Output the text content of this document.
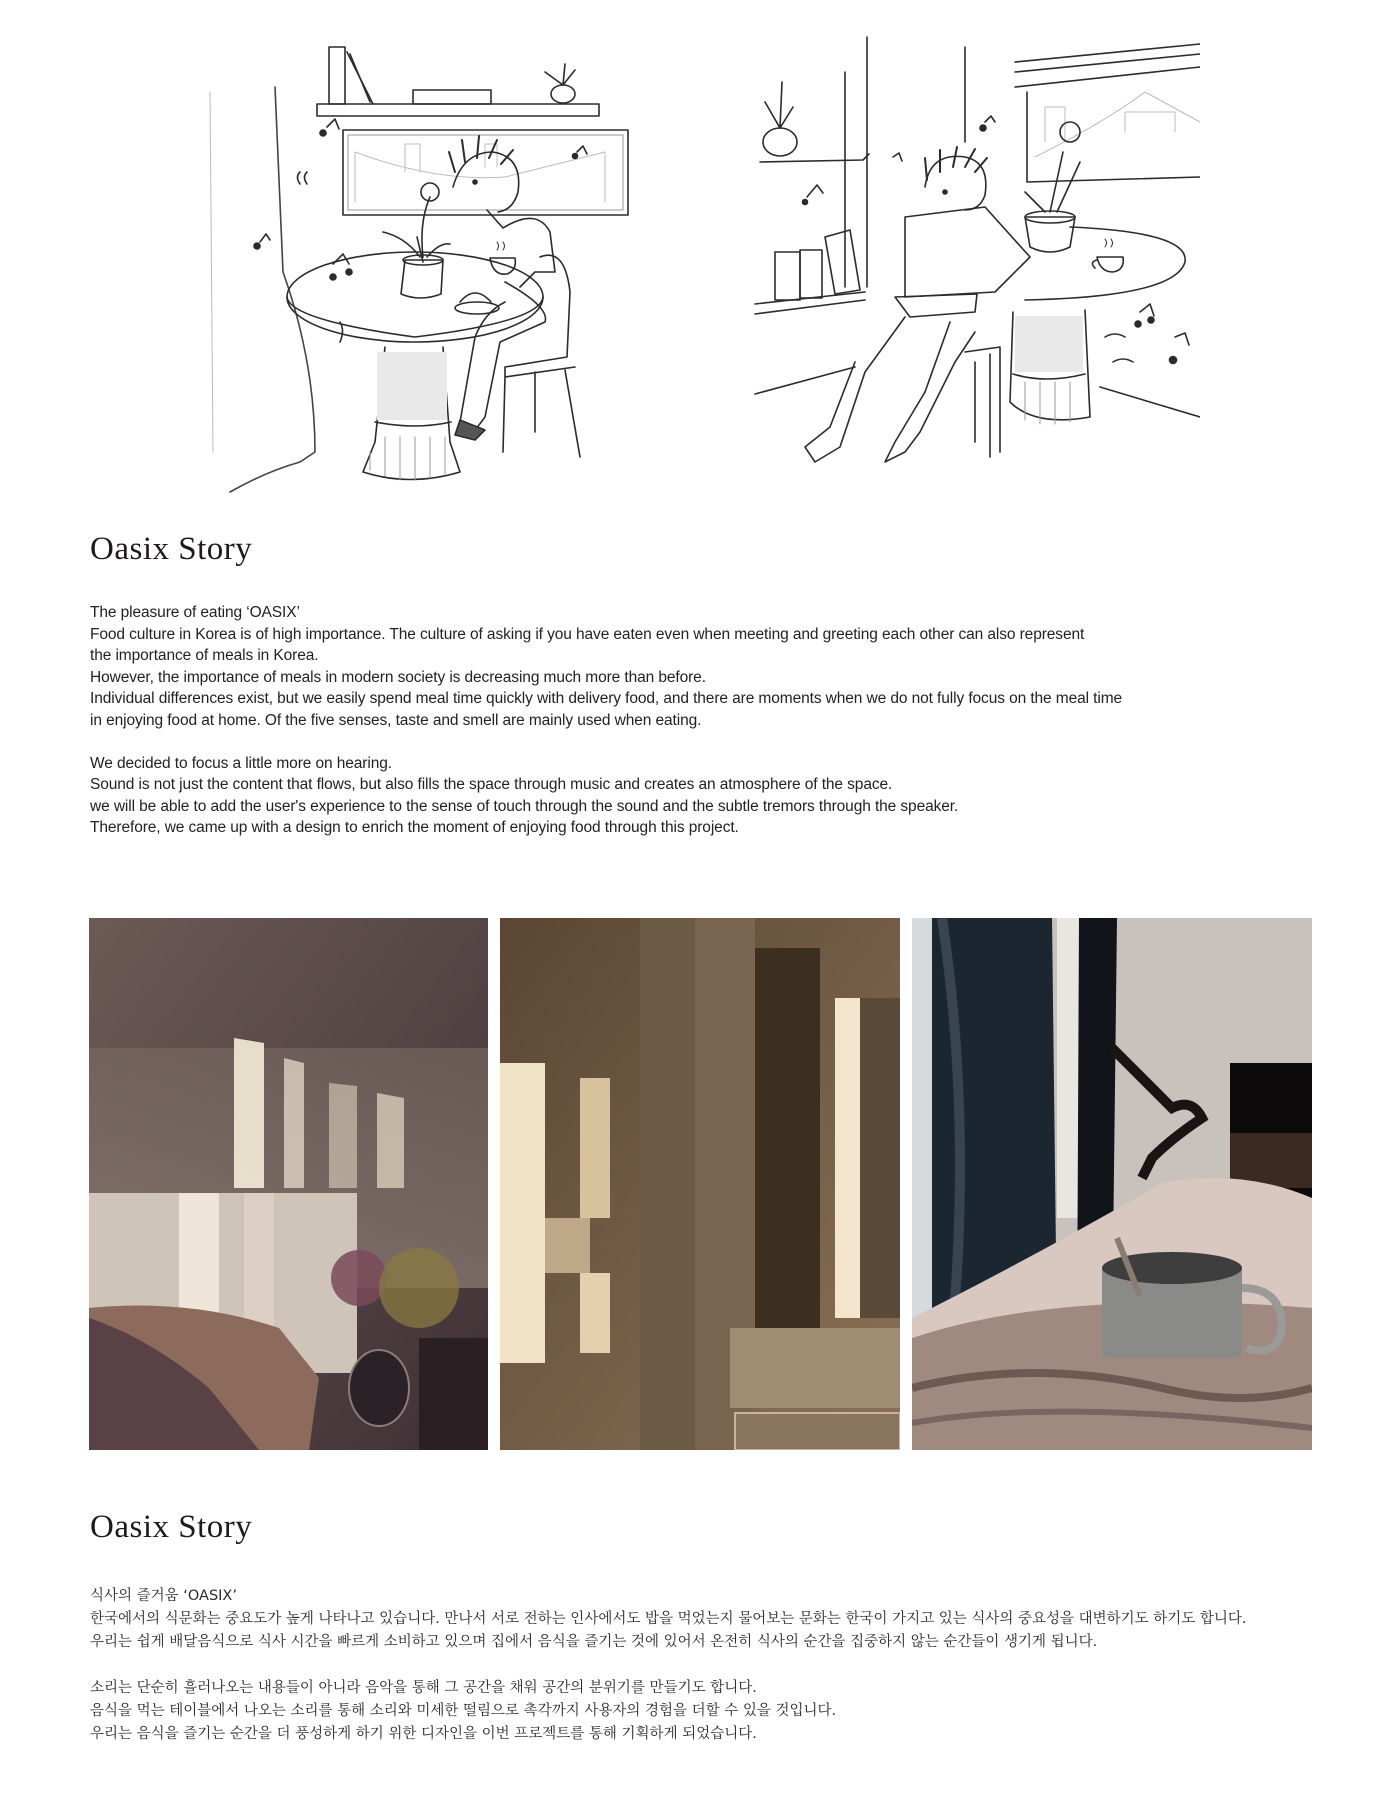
Oasix Story

The pleasure of eating ‘OASIX’

Food culture in Korea is of high importance. The culture of asking if you have eaten even when meeting and greeting each other can also represent

the importance of meals in Korea.

However, the importance of meals in modern society is decreasing much more than before.

Individual differences exist, but we easily spend meal time quickly with delivery food, and there are moments when we do not fully focus on the meal time

in enjoying food at home. Of the five senses, taste and smell are mainly used when eating.

We decided to focus a little more on hearing.

Sound is not just the content that flows, but also fills the space through music and creates an atmosphere of the space.

we will be able to add the user's experience to the sense of touch through the sound and the subtle tremors through the speaker.

Therefore, we came up with a design to enrich the moment of enjoying food through this project.

Oasix Story

식사의 즐거움 ‘OASIX’

한국에서의 식문화는 중요도가 높게 나타나고 있습니다. 만나서 서로 전하는 인사에서도 밥을 먹었는지 물어보는 문화는 한국이 가지고 있는 식사의 중요성을 대변하기도 하기도 합니다.

우리는 쉽게 배달음식으로 식사 시간을 빠르게 소비하고 있으며 집에서 음식을 즐기는 것에 있어서 온전히 식사의 순간을 집중하지 않는 순간들이 생기게 됩니다.

소리는 단순히 흘러나오는 내용들이 아니라 음악을 통해 그 공간을 채워 공간의 분위기를 만들기도 합니다.

음식을 먹는 테이블에서 나오는 소리를 통해 소리와 미세한 떨림으로 촉각까지 사용자의 경험을 더할 수 있을 것입니다.

우리는 음식을 즐기는 순간을 더 풍성하게 하기 위한 디자인을 이번 프로젝트를 통해 기획하게 되었습니다.
